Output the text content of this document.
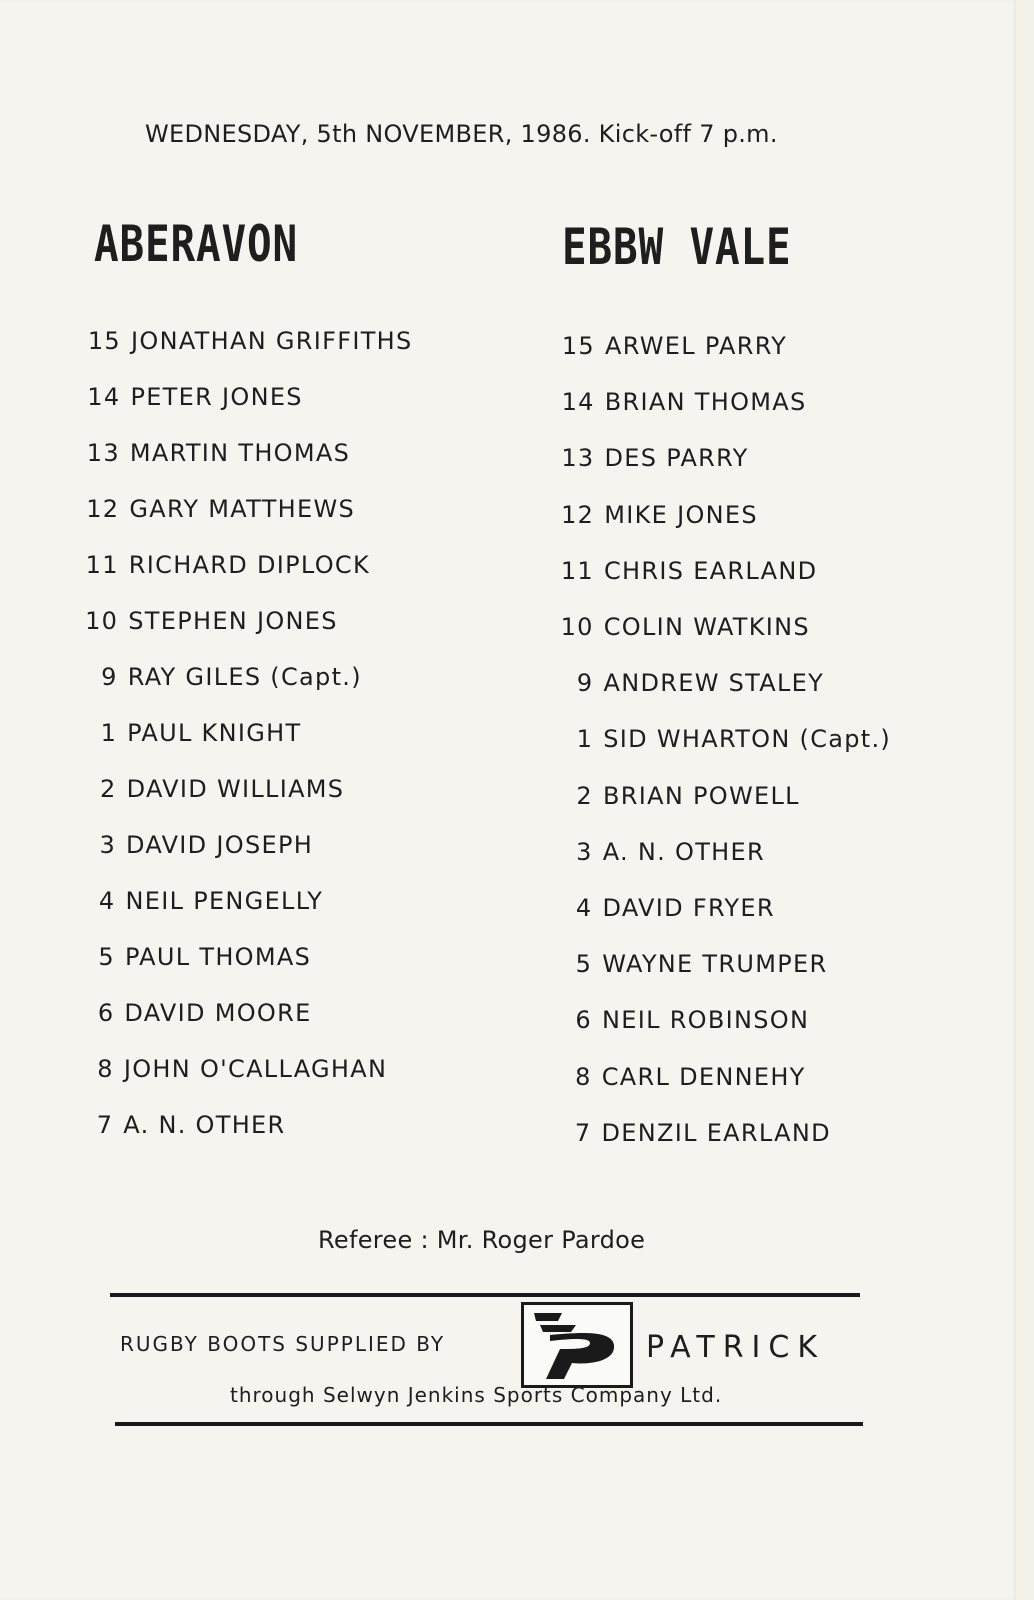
WEDNESDAY, 5th NOVEMBER, 1986. Kick-off 7 p.m.
ABERAVON	EBBW VALE
15 JONATHAN GRIFFITHS
14 PETER JONES
13 MARTIN THOMAS
12 GARY MATTHEWS
11 RICHARD DIPLOCK
10 STEPHEN JONES
9 RAY GILES (Capt.)
1 PAUL KNIGHT
2 DAVID WILLIAMS
3 DAVID JOSEPH
4 NEIL PENGELLY
5 PAUL THOMAS
6 DAVID MOORE
8 JOHN O'CALLAGHAN
7 A. N. OTHER
15 ARWEL PARRY
14 BRIAN THOMAS
13 DES PARRY
12 MIKE JONES
11 CHRIS EARLAND
10 COLIN WATKINS
9 ANDREW STALEY
1 SID WHARTON (Capt.)
2 BRIAN POWELL
3 A. N. OTHER
4 DAVID FRYER
5 WAYNE TRUMPER
6 NEIL ROBINSON
8 CARL DENNEHY
7 DENZIL EARLAND
Referee : Mr. Roger Pardoe
RUGBY BOOTS SUPPLIED BY	PATRICK
through Selwyn Jenkins Sports Company Ltd.
